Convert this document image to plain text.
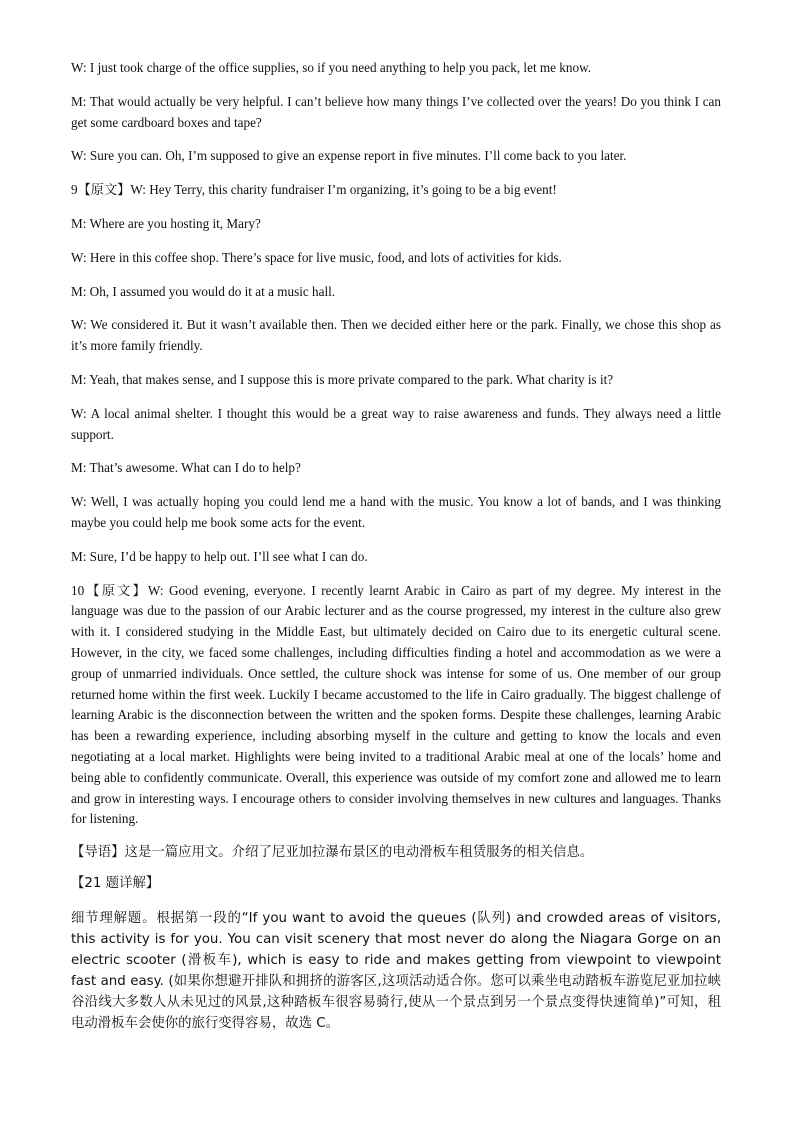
W: I just took charge of the office supplies, so if you need anything to help you pack, let me know.

M: That would actually be very helpful. I can’t believe how many things I’ve collected over the years! Do you think I can get some cardboard boxes and tape?

W: Sure you can. Oh, I’m supposed to give an expense report in five minutes. I’ll come back to you later.

9【原文】W: Hey Terry, this charity fundraiser I’m organizing, it’s going to be a big event!

M: Where are you hosting it, Mary?

W: Here in this coffee shop. There’s space for live music, food, and lots of activities for kids.

M: Oh, I assumed you would do it at a music hall.

W: We considered it. But it wasn’t available then. Then we decided either here or the park. Finally, we chose this shop as it’s more family friendly.

M: Yeah, that makes sense, and I suppose this is more private compared to the park. What charity is it?

W: A local animal shelter. I thought this would be a great way to raise awareness and funds. They always need a little support.

M: That’s awesome. What can I do to help?

W: Well, I was actually hoping you could lend me a hand with the music. You know a lot of bands, and I was thinking maybe you could help me book some acts for the event.

M: Sure, I’d be happy to help out. I’ll see what I can do.

10【原文】W: Good evening, everyone. I recently learnt Arabic in Cairo as part of my degree. My interest in the language was due to the passion of our Arabic lecturer and as the course progressed, my interest in the culture also grew with it. I considered studying in the Middle East, but ultimately decided on Cairo due to its energetic cultural scene. However, in the city, we faced some challenges, including difficulties finding a hotel and accommodation as we were a group of unmarried individuals. Once settled, the culture shock was intense for some of us. One member of our group returned home within the first week. Luckily I became accustomed to the life in Cairo gradually. The biggest challenge of learning Arabic is the disconnection between the written and the spoken forms. Despite these challenges, learning Arabic has been a rewarding experience, including absorbing myself in the culture and getting to know the locals and even negotiating at a local market. Highlights were being invited to a traditional Arabic meal at one of the locals’ home and being able to confidently communicate. Overall, this experience was outside of my comfort zone and allowed me to learn and grow in interesting ways. I encourage others to consider involving themselves in new cultures and languages. Thanks for listening.

【导语】这是一篇应用文。介绍了尼亚加拉瀑布景区的电动滑板车租赁服务的相关信息。

【21 题详解】

细节理解题。根据第一段的“If you want to avoid the queues (队列) and crowded areas of visitors, this activity is for you. You can visit scenery that most never do along the Niagara Gorge on an electric scooter (滑板车), which is easy to ride and makes getting from viewpoint to viewpoint fast and easy. (如果你想避开排队和拥挤的游客区,这项活动适合你。您可以乘坐电动踏板车游览尼亚加拉峡谷沿线大多数人从未见过的风景,这种踏板车很容易骑行,使从一个景点到另一个景点变得快速简单)”可知，租电动滑板车会使你的旅行变得容易，故选 C。
